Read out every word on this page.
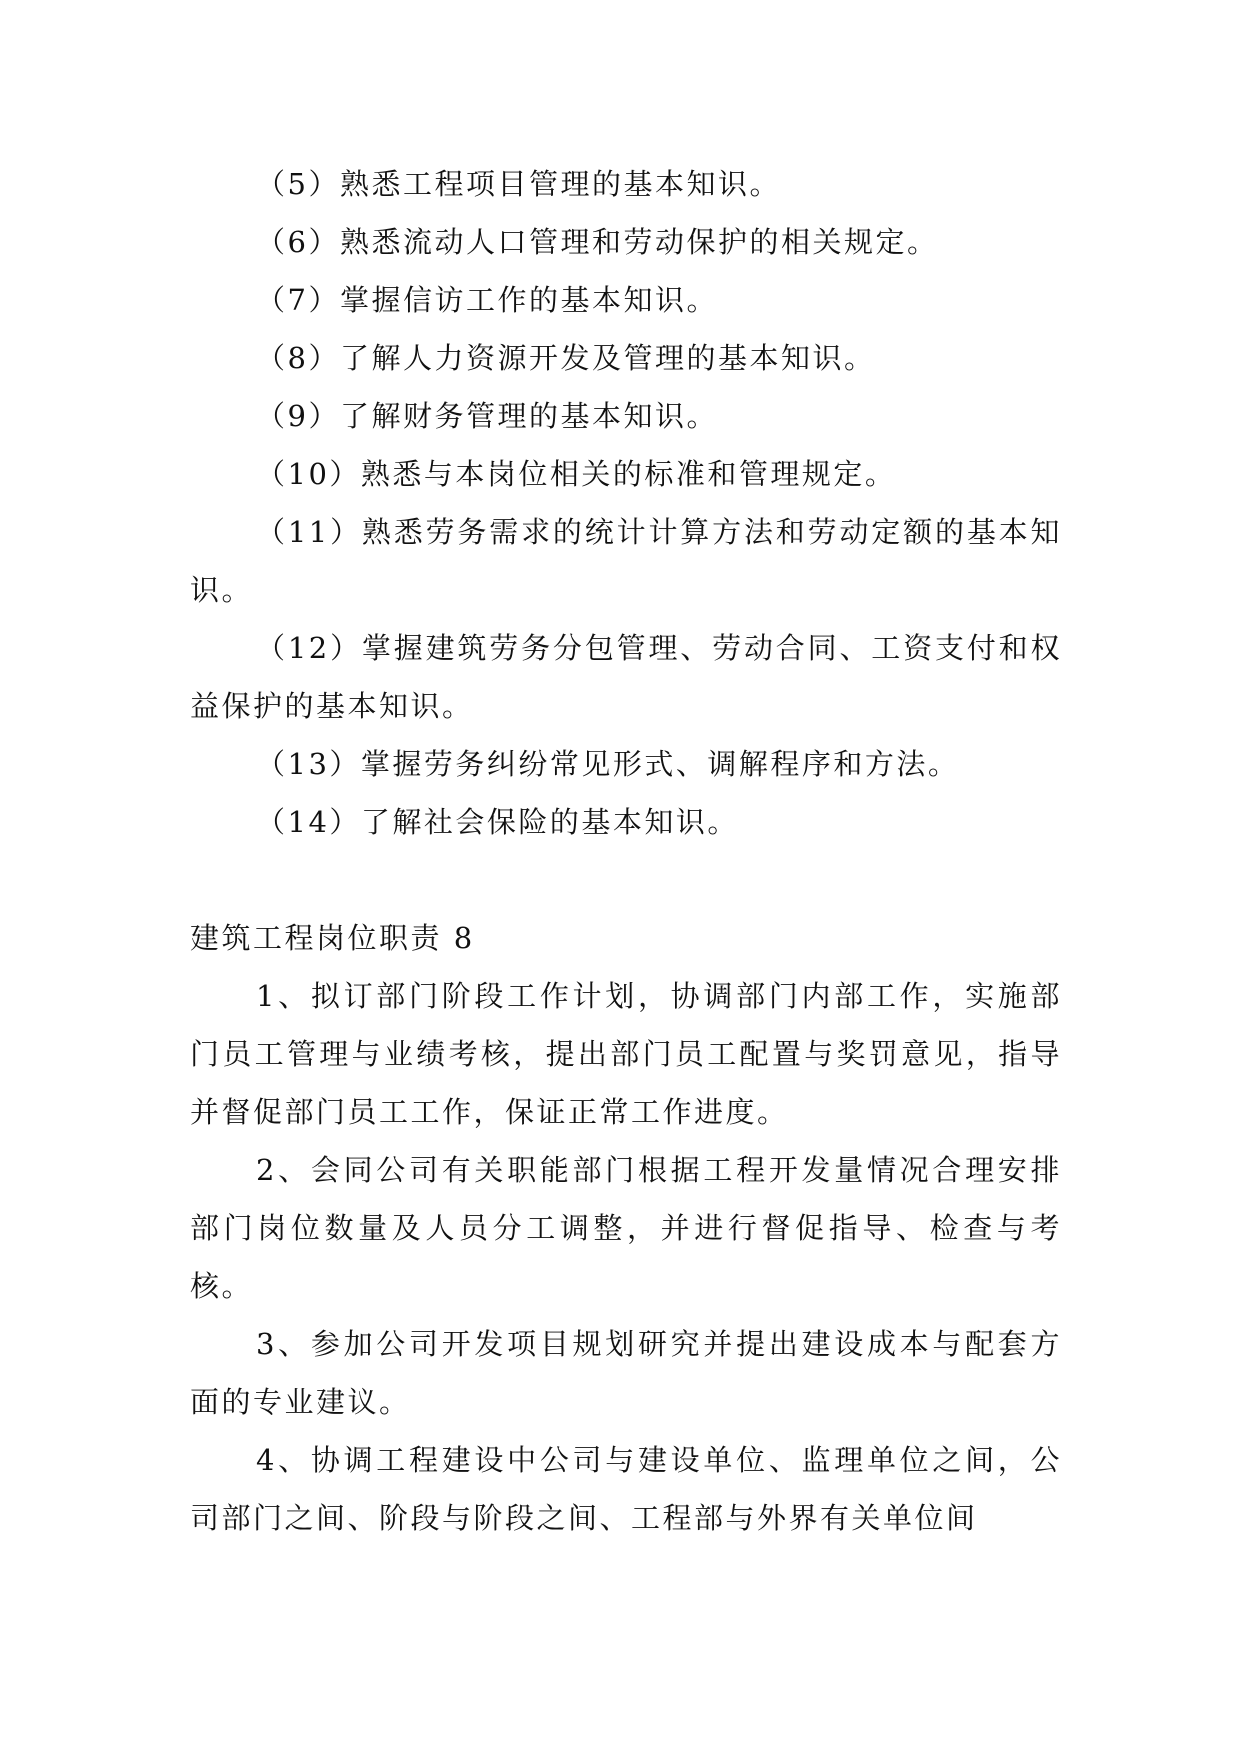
（5）熟悉工程项目管理的基本知识。

（6）熟悉流动人口管理和劳动保护的相关规定。

（7）掌握信访工作的基本知识。

（8）了解人力资源开发及管理的基本知识。

（9）了解财务管理的基本知识。

（10）熟悉与本岗位相关的标准和管理规定。

（11）熟悉劳务需求的统计计算方法和劳动定额的基本知识。

（12）掌握建筑劳务分包管理、劳动合同、工资支付和权益保护的基本知识。

（13）掌握劳务纠纷常见形式、调解程序和方法。

（14）了解社会保险的基本知识。

建筑工程岗位职责 8

1、拟订部门阶段工作计划，协调部门内部工作，实施部门员工管理与业绩考核，提出部门员工配置与奖罚意见，指导并督促部门员工工作，保证正常工作进度。

2、会同公司有关职能部门根据工程开发量情况合理安排部门岗位数量及人员分工调整，并进行督促指导、检查与考核。

3、参加公司开发项目规划研究并提出建设成本与配套方面的专业建议。

4、协调工程建设中公司与建设单位、监理单位之间，公司部门之间、阶段与阶段之间、工程部与外界有关单位间
